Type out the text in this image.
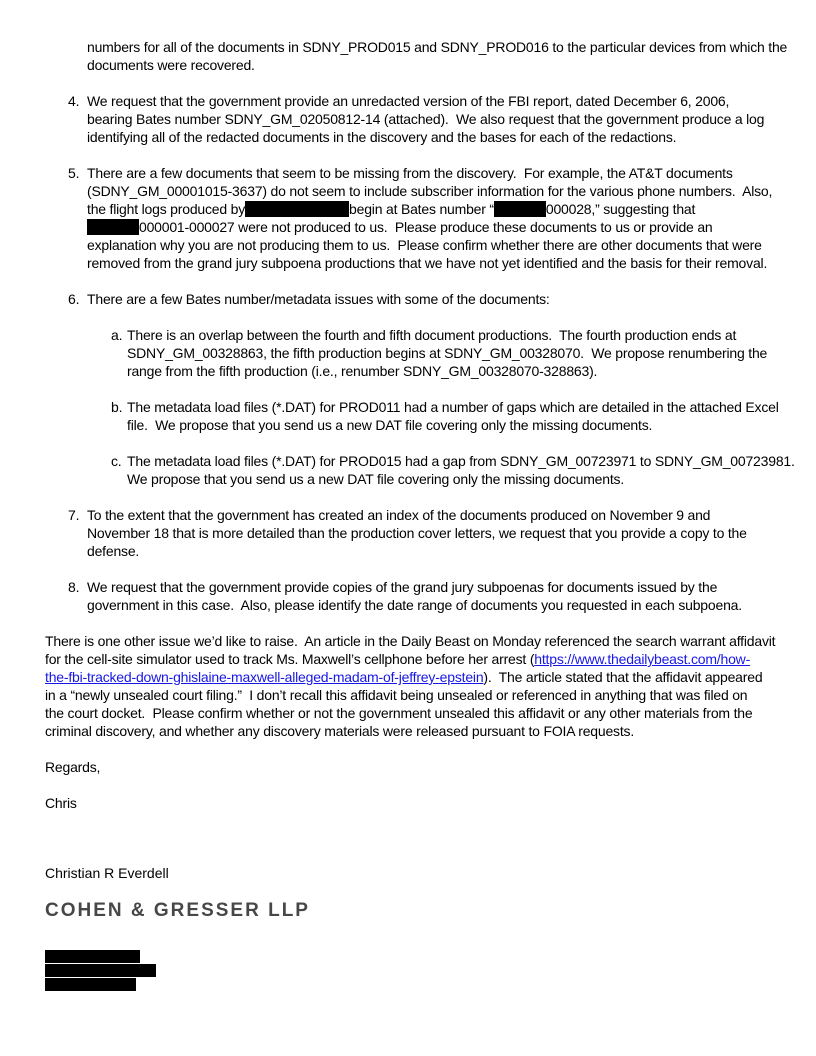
numbers for all of the documents in SDNY_PROD015 and SDNY_PROD016 to the particular devices from which the
documents were recovered.
4. We request that the government provide an unredacted version of the FBI report, dated December 6, 2006,
bearing Bates number SDNY_GM_02050812-14 (attached).  We also request that the government produce a log
identifying all of the redacted documents in the discovery and the bases for each of the redactions.
5. There are a few documents that seem to be missing from the discovery.  For example, the AT&T documents
(SDNY_GM_00001015-3637) do not seem to include subscriber information for the various phone numbers.  Also,
the flight logs produced by	begin at Bates number “	000028,” suggesting that
000001-000027 were not produced to us.  Please produce these documents to us or provide an
explanation why you are not producing them to us.  Please confirm whether there are other documents that were
removed from the grand jury subpoena productions that we have not yet identified and the basis for their removal.
6. There are a few Bates number/metadata issues with some of the documents:
a. There is an overlap between the fourth and fifth document productions.  The fourth production ends at
SDNY_GM_00328863, the fifth production begins at SDNY_GM_00328070.  We propose renumbering the
range from the fifth production (i.e., renumber SDNY_GM_00328070-328863).
b. The metadata load files (*.DAT) for PROD011 had a number of gaps which are detailed in the attached Excel
file.  We propose that you send us a new DAT file covering only the missing documents.
c. The metadata load files (*.DAT) for PROD015 had a gap from SDNY_GM_00723971 to SDNY_GM_00723981.
We propose that you send us a new DAT file covering only the missing documents.
7. To the extent that the government has created an index of the documents produced on November 9 and
November 18 that is more detailed than the production cover letters, we request that you provide a copy to the
defense.
8. We request that the government provide copies of the grand jury subpoenas for documents issued by the
government in this case.  Also, please identify the date range of documents you requested in each subpoena.
There is one other issue we’d like to raise.  An article in the Daily Beast on Monday referenced the search warrant affidavit
for the cell-site simulator used to track Ms. Maxwell’s cellphone before her arrest (https://www.thedailybeast.com/how-
the-fbi-tracked-down-ghislaine-maxwell-alleged-madam-of-jeffrey-epstein).  The article stated that the affidavit appeared
in a “newly unsealed court filing.”  I don’t recall this affidavit being unsealed or referenced in anything that was filed on
the court docket.  Please confirm whether or not the government unsealed this affidavit or any other materials from the
criminal discovery, and whether any discovery materials were released pursuant to FOIA requests.
Regards,
Chris
Christian R Everdell
COHEN & GRESSER LLP
